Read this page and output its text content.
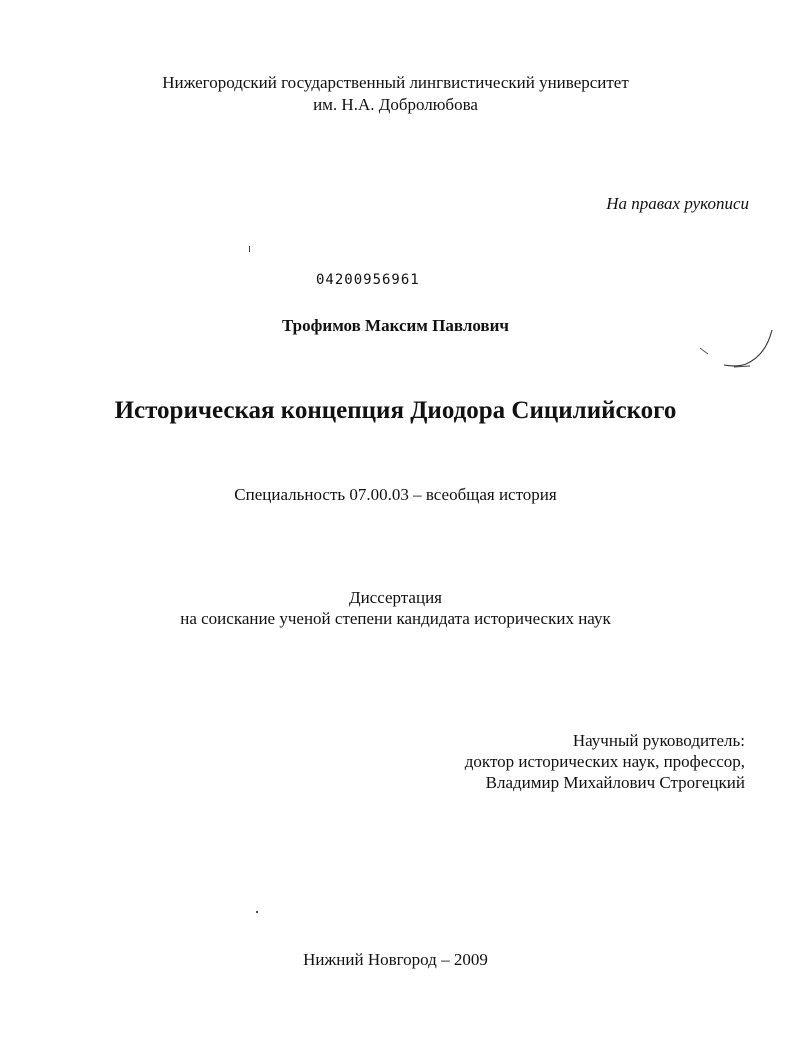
Нижегородский государственный лингвистический университет
им. Н.А. Добролюбова
На правах рукописи
04200956961
Трофимов Максим Павлович
Историческая концепция Диодора Сицилийского
Специальность 07.00.03 – всеобщая история
Диссертация
на соискание ученой степени кандидата исторических наук
Научный руководитель:
доктор исторических наук, профессор,
Владимир Михайлович Строгецкий
Нижний Новгород – 2009
